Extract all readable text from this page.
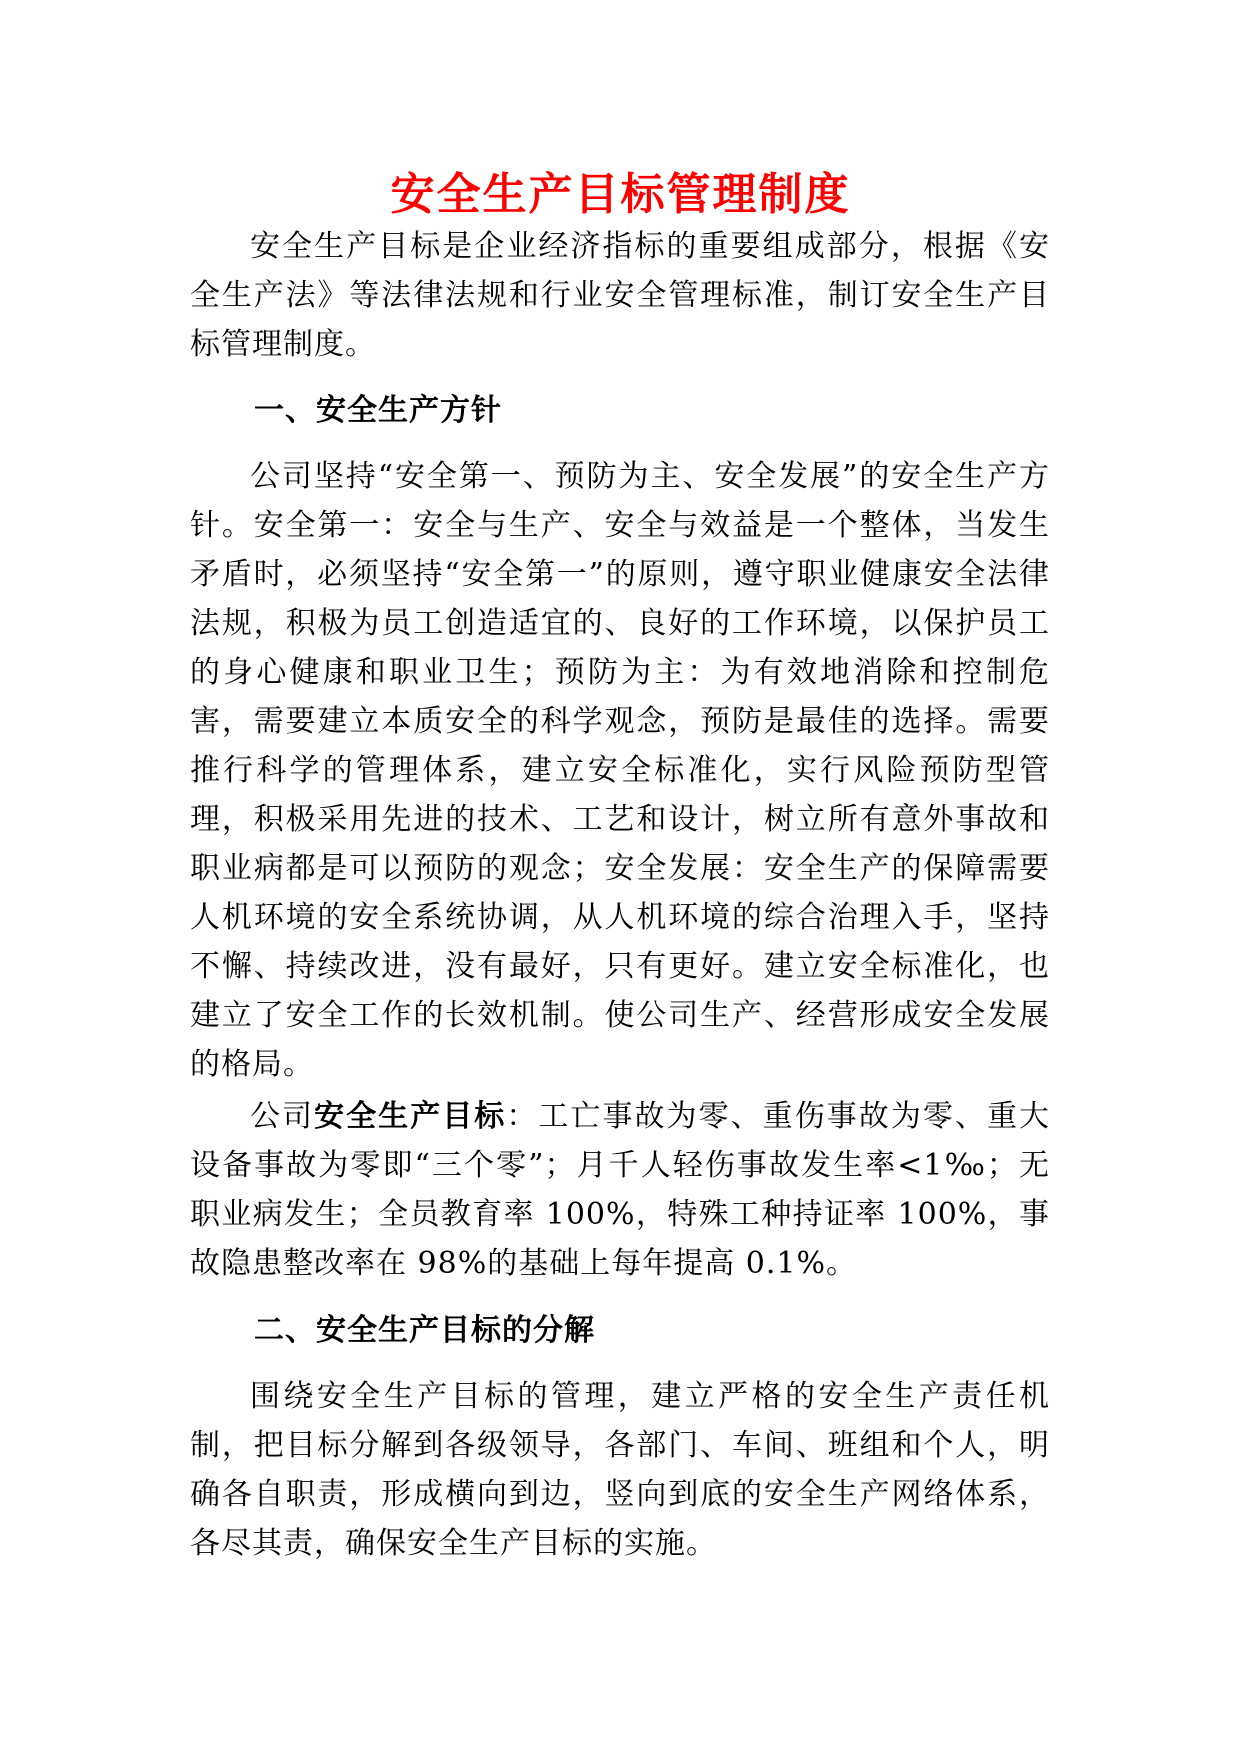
安全生产目标管理制度

安全生产目标是企业经济指标的重要组成部分，根据《安全生产法》等法律法规和行业安全管理标准，制订安全生产目标管理制度。

一、安全生产方针

公司坚持“安全第一、预防为主、安全发展”的安全生产方针。安全第一：安全与生产、安全与效益是一个整体，当发生矛盾时，必须坚持“安全第一”的原则，遵守职业健康安全法律法规，积极为员工创造适宜的、良好的工作环境，以保护员工的身心健康和职业卫生；预防为主：为有效地消除和控制危害，需要建立本质安全的科学观念，预防是最佳的选择。需要推行科学的管理体系，建立安全标准化，实行风险预防型管理，积极采用先进的技术、工艺和设计，树立所有意外事故和职业病都是可以预防的观念；安全发展：安全生产的保障需要人机环境的安全系统协调，从人机环境的综合治理入手，坚持不懈、持续改进，没有最好，只有更好。建立安全标准化，也建立了安全工作的长效机制。使公司生产、经营形成安全发展的格局。

公司安全生产目标：工亡事故为零、重伤事故为零、重大设备事故为零即“三个零”；月千人轻伤事故发生率<1‰；无职业病发生；全员教育率 100%，特殊工种持证率 100%，事故隐患整改率在 98%的基础上每年提高 0.1%。

二、安全生产目标的分解

围绕安全生产目标的管理，建立严格的安全生产责任机制，把目标分解到各级领导，各部门、车间、班组和个人，明确各自职责，形成横向到边，竖向到底的安全生产网络体系，各尽其责，确保安全生产目标的实施。
